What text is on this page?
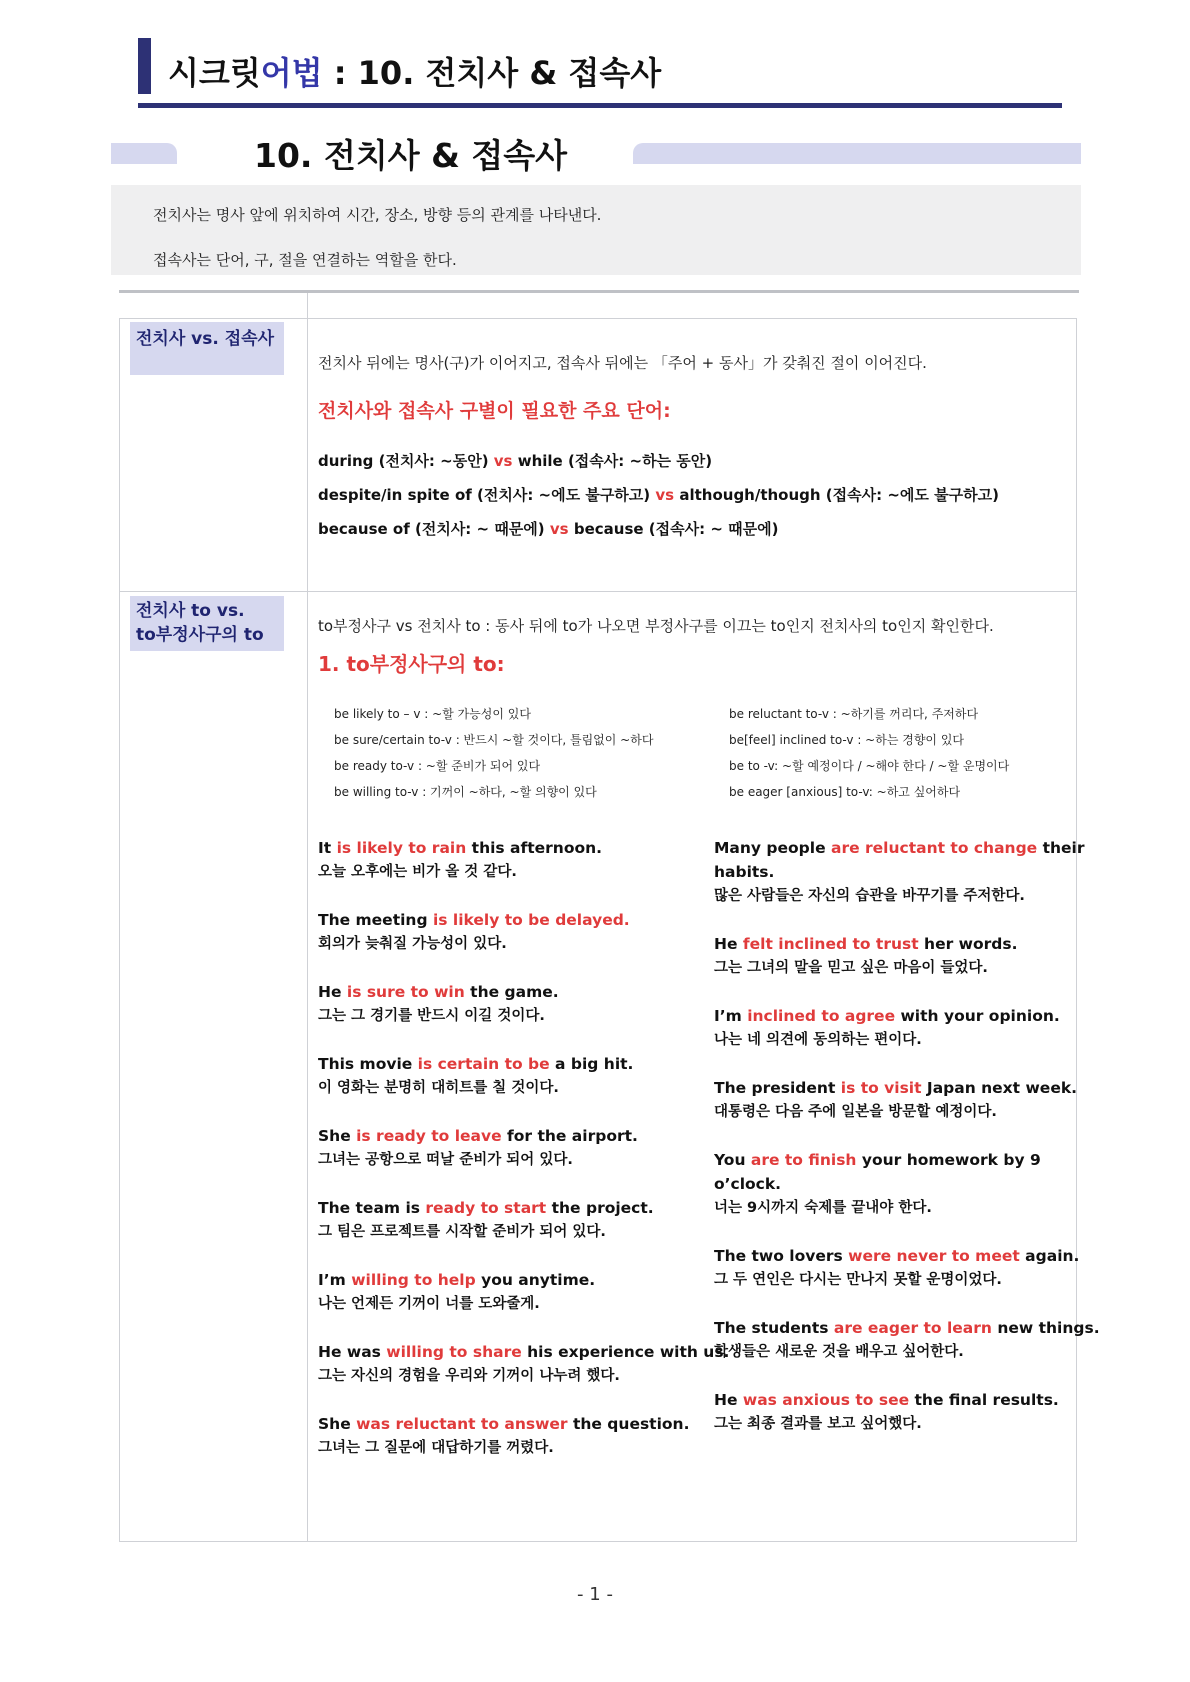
시크릿어법 : 10. 전치사 & 접속사
10. 전치사 & 접속사
전치사는 명사 앞에 위치하여 시간, 장소, 방향 등의 관계를 나타낸다.
접속사는 단어, 구, 절을 연결하는 역할을 한다.
전치사 vs. 접속사
전치사 뒤에는 명사(구)가 이어지고, 접속사 뒤에는 「주어 + 동사」가 갖춰진 절이 이어진다.
전치사와 접속사 구별이 필요한 주요 단어:
during (전치사: ~동안) vs while (접속사: ~하는 동안)
despite/in spite of (전치사: ~에도 불구하고) vs although/though (접속사: ~에도 불구하고)
because of (전치사: ~ 때문에) vs because (접속사: ~ 때문에)
전치사 to vs.
to부정사구의 to	to부정사구 vs 전치사 to : 동사 뒤에 to가 나오면 부정사구를 이끄는 to인지 전치사의 to인지 확인한다.
1. to부정사구의 to:
be likely to – v : ~할 가능성이 있다
be sure/certain to-v : 반드시 ~할 것이다, 틀림없이 ~하다
be ready to-v : ~할 준비가 되어 있다
be willing to-v : 기꺼이 ~하다, ~할 의향이 있다
be reluctant to-v : ~하기를 꺼리다, 주저하다
be[feel] inclined to-v : ~하는 경향이 있다
be to -v: ~할 예정이다 / ~해야 한다 / ~할 운명이다
be eager [anxious] to-v: ~하고 싶어하다
It is likely to rain this afternoon.
오늘 오후에는 비가 올 것 같다.
The meeting is likely to be delayed.
회의가 늦춰질 가능성이 있다.
He is sure to win the game.
그는 그 경기를 반드시 이길 것이다.
This movie is certain to be a big hit.
이 영화는 분명히 대히트를 칠 것이다.
She is ready to leave for the airport.
그녀는 공항으로 떠날 준비가 되어 있다.
The team is ready to start the project.
그 팀은 프로젝트를 시작할 준비가 되어 있다.
I’m willing to help you anytime.
나는 언제든 기꺼이 너를 도와줄게.
He was willing to share his experience with us.
그는 자신의 경험을 우리와 기꺼이 나누려 했다.
She was reluctant to answer the question.
그녀는 그 질문에 대답하기를 꺼렸다.
Many people are reluctant to change their
habits.
많은 사람들은 자신의 습관을 바꾸기를 주저한다.
He felt inclined to trust her words.
그는 그녀의 말을 믿고 싶은 마음이 들었다.
I’m inclined to agree with your opinion.
나는 네 의견에 동의하는 편이다.
The president is to visit Japan next week.
대통령은 다음 주에 일본을 방문할 예정이다.
You are to finish your homework by 9
o’clock.
너는 9시까지 숙제를 끝내야 한다.
The two lovers were never to meet again.
그 두 연인은 다시는 만나지 못할 운명이었다.
The students are eager to learn new things.
학생들은 새로운 것을 배우고 싶어한다.
He was anxious to see the final results.
그는 최종 결과를 보고 싶어했다.
- 1 -
